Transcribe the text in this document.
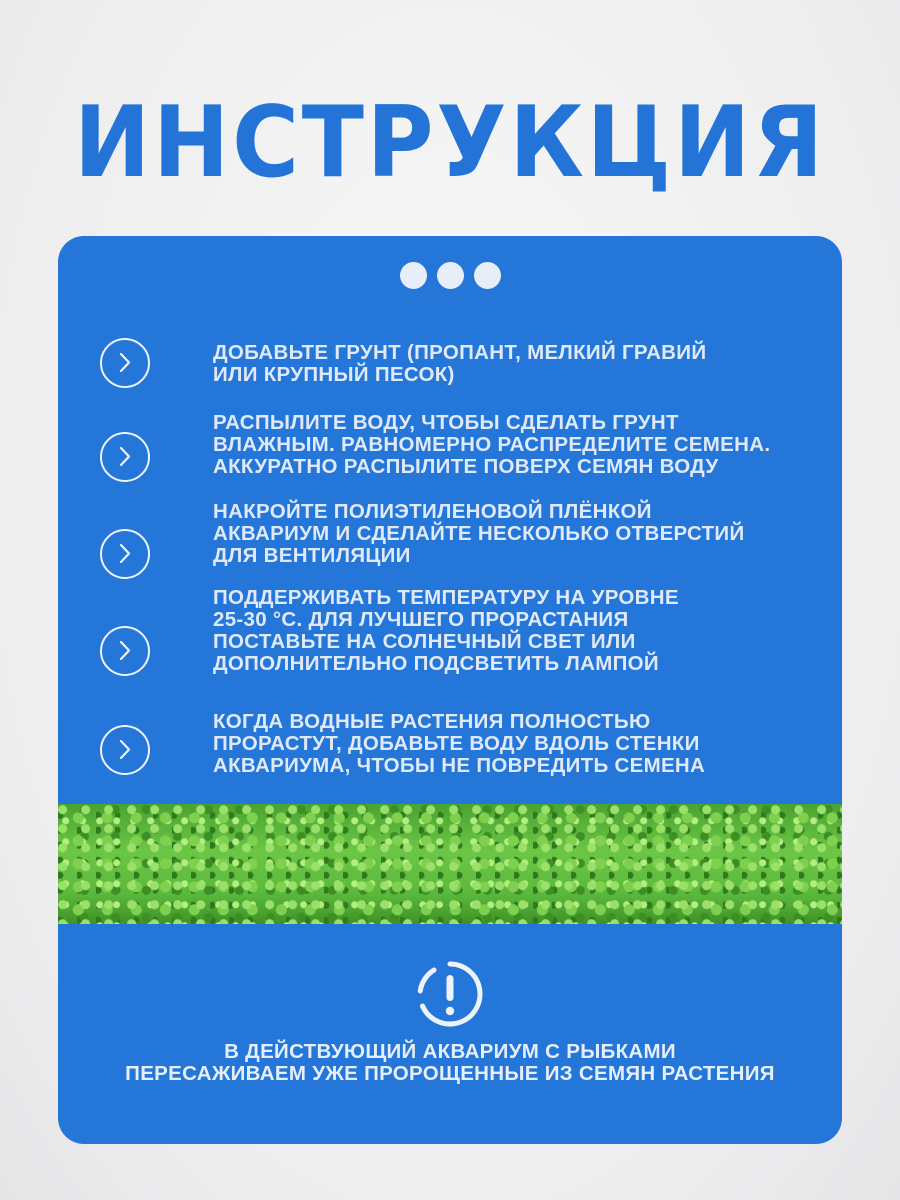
ИНСТРУКЦИЯ

ДОБАВЬТЕ ГРУНТ (ПРОПАНТ, МЕЛКИЙ ГРАВИЙ
ИЛИ КРУПНЫЙ ПЕСОК)
РАСПЫЛИТЕ ВОДУ, ЧТОБЫ СДЕЛАТЬ ГРУНТ
ВЛАЖНЫМ. РАВНОМЕРНО РАСПРЕДЕЛИТЕ СЕМЕНА.
АККУРАТНО РАСПЫЛИТЕ ПОВЕРХ СЕМЯН ВОДУ
НАКРОЙТЕ ПОЛИЭТИЛЕНОВОЙ ПЛЁНКОЙ
АКВАРИУМ И СДЕЛАЙТЕ НЕСКОЛЬКО ОТВЕРСТИЙ
ДЛЯ ВЕНТИЛЯЦИИ
ПОДДЕРЖИВАТЬ ТЕМПЕРАТУРУ НА УРОВНЕ
25-30 °С. ДЛЯ ЛУЧШЕГО ПРОРАСТАНИЯ
ПОСТАВЬТЕ НА СОЛНЕЧНЫЙ СВЕТ ИЛИ
ДОПОЛНИТЕЛЬНО ПОДСВЕТИТЬ ЛАМПОЙ
КОГДА ВОДНЫЕ РАСТЕНИЯ ПОЛНОСТЬЮ
ПРОРАСТУТ, ДОБАВЬТЕ ВОДУ ВДОЛЬ СТЕНКИ
АКВАРИУМА, ЧТОБЫ НЕ ПОВРЕДИТЬ СЕМЕНА
В ДЕЙСТВУЮЩИЙ АКВАРИУМ С РЫБКАМИ
ПЕРЕСАЖИВАЕМ УЖЕ ПРОРОЩЕННЫЕ ИЗ СЕМЯН РАСТЕНИЯ
